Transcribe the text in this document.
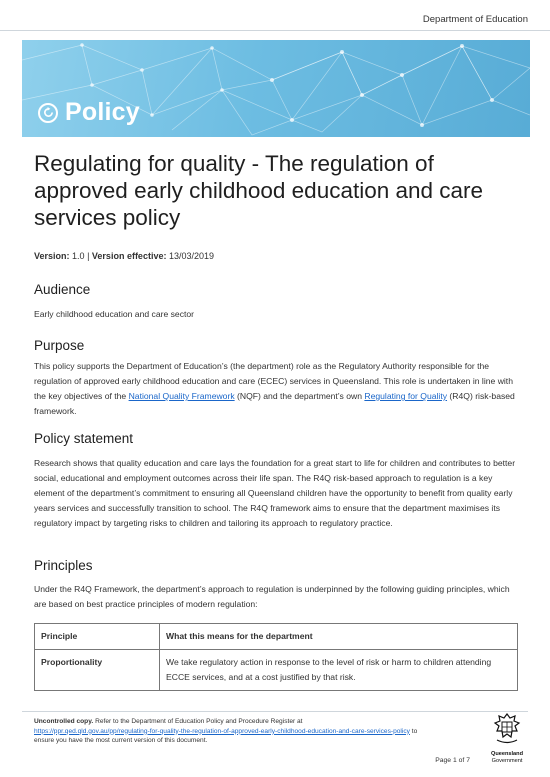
Department of Education
Policy
Regulating for quality - The regulation of approved early childhood education and care services policy
Version: 1.0 | Version effective: 13/03/2019
Audience

Early childhood education and care sector

Purpose

This policy supports the Department of Education’s (the department) role as the Regulatory Authority responsible for the regulation of approved early childhood education and care (ECEC) services in Queensland. This role is undertaken in line with the key objectives of the National Quality Framework (NQF) and the department’s own Regulating for Quality (R4Q) risk-based framework.

Policy statement

Research shows that quality education and care lays the foundation for a great start to life for children and contributes to better social, educational and employment outcomes across their life span. The R4Q risk-based approach to regulation is a key element of the department’s commitment to ensuring all Queensland children have the opportunity to benefit from quality early years services and successfully transition to school. The R4Q framework aims to ensure that the department maximises its regulatory impact by targeting risks to children and tailoring its approach to regulatory practice.

Principles

Under the R4Q Framework, the department’s approach to regulation is underpinned by the following guiding principles, which are based on best practice principles of modern regulation:

Principle	What this means for the department
Proportionality	We take regulatory action in response to the level of risk or harm to children attending ECCE services, and at a cost justified by that risk.
Uncontrolled copy. Refer to the Department of Education Policy and Procedure Register at
https://ppr.qed.qld.gov.au/pp/regulating-for-quality-the-regulation-of-approved-early-childhood-education-and-care-services-policy to
ensure you have the most current version of this document.
Page 1 of 7
Queensland
Government
